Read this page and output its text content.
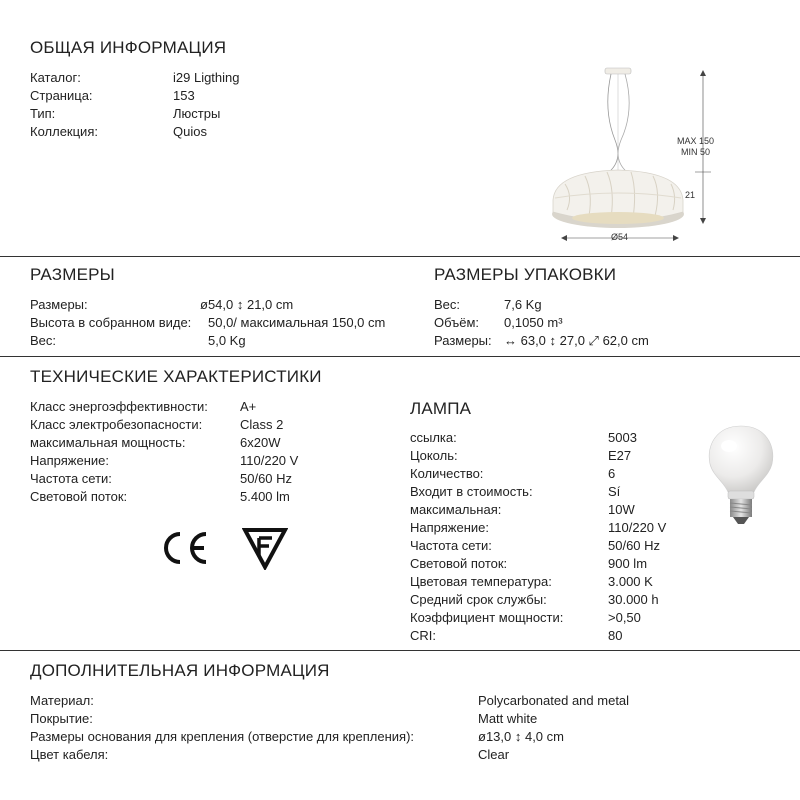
ОБЩАЯ ИНФОРМАЦИЯ
Каталог:	i29 Ligthing
Страница:	153
Тип:	Люстры
Коллекция:	Quios
MAX 150
MIN 50
21
Ø54
РАЗМЕРЫ
Размеры:	ø54,0 ↕ 21,0 cm
Высота в собранном виде: 50,0/ максимальная 150,0 cm
Вес:	5,0 Kg
РАЗМЕРЫ УПАКОВКИ
Вес:	7,6 Kg
Объём: 0,1050 m³
Размеры: ↔ 63,0 ↕ 27,0 ⤢ 62,0 cm
ТЕХНИЧЕСКИЕ ХАРАКТЕРИСТИКИ
Класс энергоэффективности: A+
Класс электробезопасности:	Class 2
максимальная мощность:	6x20W
Напряжение:	110/220 V
Частота сети:	50/60 Hz
Световой поток:	5.400 lm
ЛАМПА
ссылка:	5003
Цоколь:	E27
Количество:	6
Входит в стоимость:	Sí
максимальная:	10W
Напряжение:	110/220 V
Частота сети:	50/60 Hz
Световой поток:	900 lm
Цветовая температура:	3.000 K
Средний срок службы:	30.000 h
Коэффициент мощности:	>0,50
CRI:	80
ДОПОЛНИТЕЛЬНАЯ ИНФОРМАЦИЯ
Материал:	Polycarbonated and metal
Покрытие:	Matt white
Размеры основания для крепления (отверстие для крепления):	ø13,0 ↕ 4,0 cm
Цвет кабеля:	Clear
